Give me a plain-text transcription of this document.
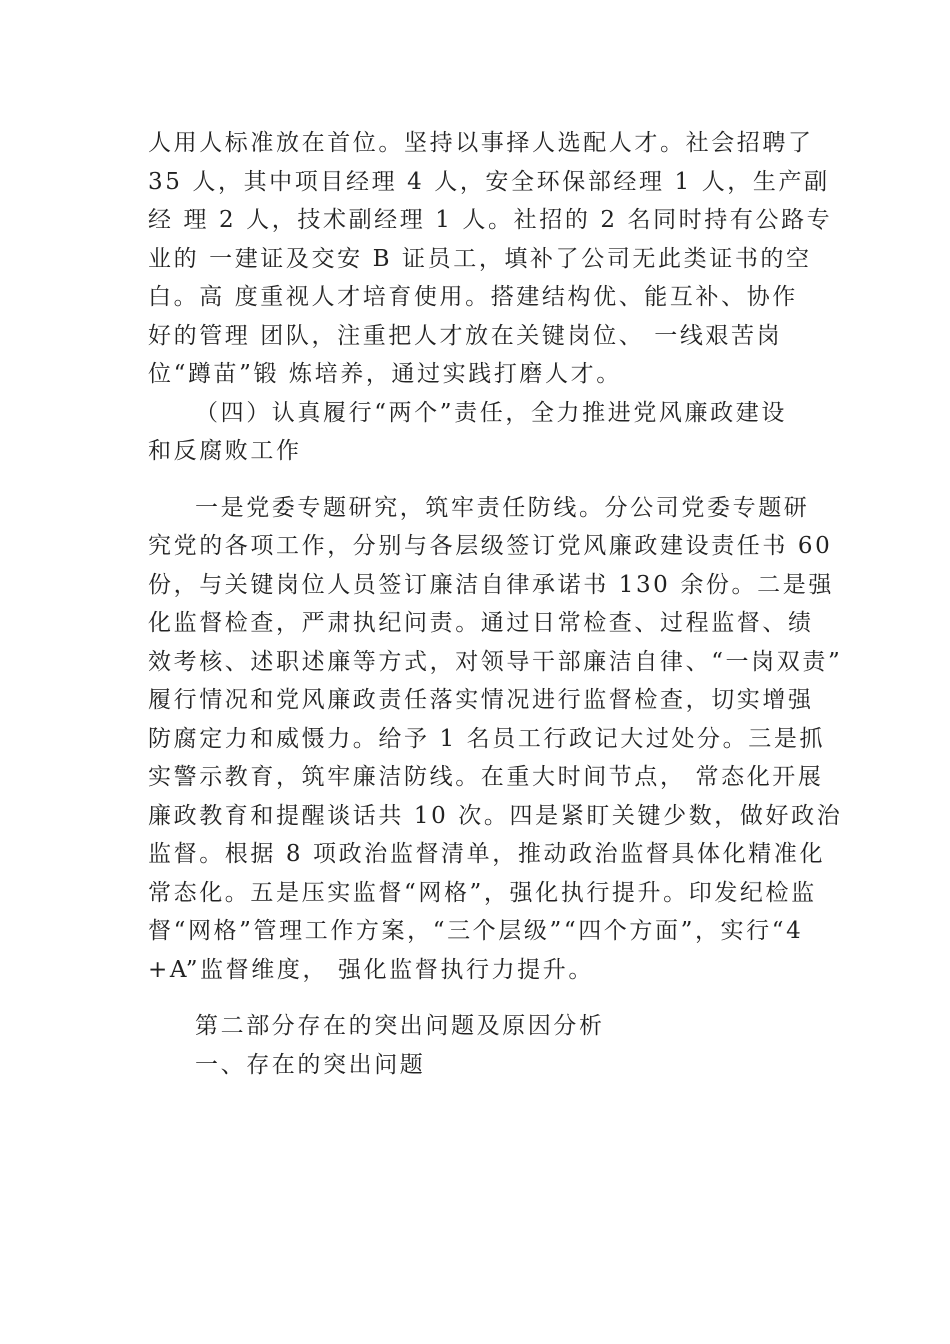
人用人标准放在首位。坚持以事择人选配人才。社会招聘了
35 人，其中项目经理 4 人，安全环保部经理 1 人，生产副
经 理 2 人，技术副经理 1 人。社招的 2 名同时持有公路专
业的 一建证及交安 B 证员工，填补了公司无此类证书的空
白。高 度重视人才培育使用。搭建结构优、能互补、协作
好的管理 团队，注重把人才放在关键岗位、 一线艰苦岗
位“蹲苗”锻 炼培养，通过实践打磨人才。
（四）认真履行“两个”责任，全力推进党风廉政建设
和反腐败工作
一是党委专题研究，筑牢责任防线。分公司党委专题研
究党的各项工作，分别与各层级签订党风廉政建设责任书 60
份，与关键岗位人员签订廉洁自律承诺书 130 余份。二是强
化监督检查，严肃执纪问责。通过日常检查、过程监督、绩
效考核、述职述廉等方式，对领导干部廉洁自律、“一岗双责”
履行情况和党风廉政责任落实情况进行监督检查，切实增强
防腐定力和威慑力。给予 1 名员工行政记大过处分。三是抓
实警示教育，筑牢廉洁防线。在重大时间节点， 常态化开展
廉政教育和提醒谈话共 10 次。四是紧盯关键少数，做好政治
监督。根据 8 项政治监督清单，推动政治监督具体化精准化
常态化。五是压实监督“网格”，强化执行提升。印发纪检监
督“网格”管理工作方案，“三个层级”“四个方面”，实行“4
+A”监督维度， 强化监督执行力提升。
第二部分存在的突出问题及原因分析
一、存在的突出问题
